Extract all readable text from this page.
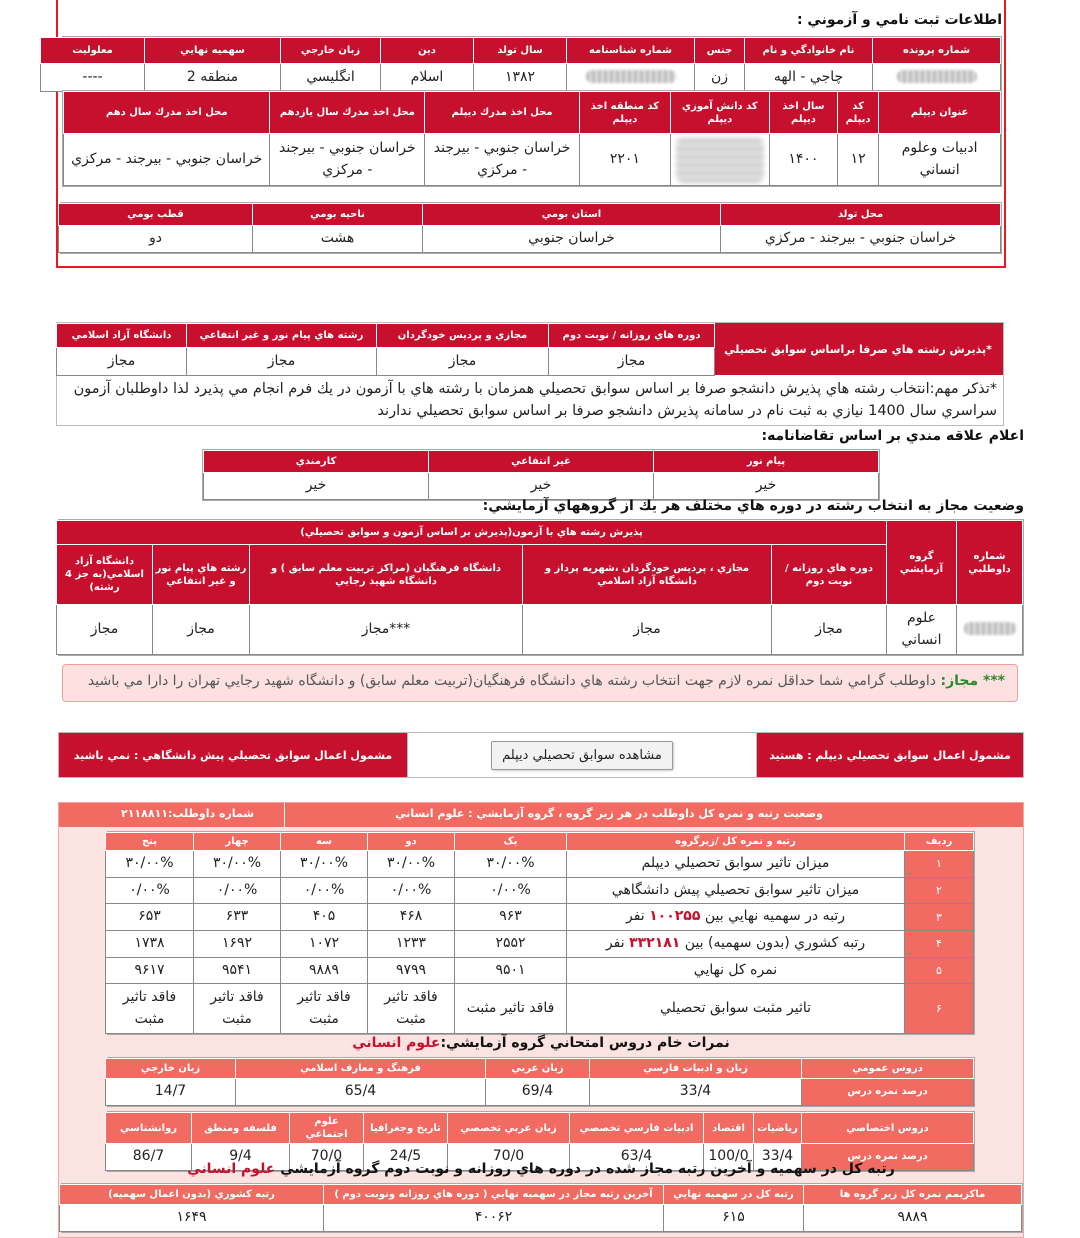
اطلاعات ثبت نامي و آزموني :
شماره پرونده	نام خانوادگي و نام	جنس	شماره شناسنامه	سال تولد	دين	زبان خارجي	سهميه نهايي	معلوليت
	چاجي - الهه	زن		۱۳۸۲	اسلام	انگليسي	منطقه 2	----
عنوان ديپلم	كد ديپلم	سال اخذ ديپلم	كد دانش آموزي ديپلم	كد منطقه اخذ ديپلم	محل اخذ مدرك ديپلم	محل اخذ مدرك سال يازدهم	محل اخذ مدرك سال دهم
ادبيات وعلوم انساني	۱۲	۱۴۰۰		۲۲۰۱	خراسان جنوبي - بيرجند - مركزي	خراسان جنوبي - بيرجند - مركزي	خراسان جنوبي - بيرجند - مركزي
محل تولد	استان بومي	ناحيه بومي	قطب بومي
خراسان جنوبي - بيرجند - مركزي	خراسان جنوبي	هشت	دو
*پذيرش رشته هاي صرفا براساس سوابق تحصيلي
دوره هاي روزانه / نوبت دوم	مجازي و پرديس خودگردان	رشته هاي پيام نور و غير انتفاعي	دانشگاه آزاد اسلامي
مجاز	مجاز	مجاز	مجاز
*تذكر مهم:انتخاب رشته هاي پذيرش دانشجو صرفا بر اساس سوابق تحصيلي همزمان با رشته هاي با آزمون در يك فرم انجام مي پذيرد لذا داوطلبان آزمون سراسري سال 1400 نيازي به ثبت نام در سامانه پذيرش دانشجو صرفا بر اساس سوابق تحصيلي ندارند
اعلام علاقه مندي بر اساس تقاضانامه:
پيام نور	غير انتفاعي	كارمندي
خير	خير	خير
وضعيت مجاز به انتخاب رشته در دوره هاي مختلف هر يك از گروههاي آزمايشي:
شماره داوطلبي	گروه آزمايشي	پذيرش رشته هاي با آزمون(پذيرش بر اساس آزمون و سوابق تحصيلي)				
		دوره هاي روزانه / نوبت دوم	مجازي ، پرديس خودگردان ،شهريه پرداز و دانشگاه آزاد اسلامي	دانشگاه فرهنگيان (مراكز تربيت معلم سابق ) و دانشگاه شهيد رجايي	رشته هاي پيام نور و غير انتفاعي	دانشگاه آزاد اسلامي(به جز 4 رشته)
	علوم انساني	مجاز	مجاز	***مجاز	مجاز	مجاز
*** مجاز: داوطلب گرامي شما حداقل نمره لازم جهت انتخاب رشته هاي دانشگاه فرهنگيان(تربيت معلم سابق) و دانشگاه شهيد رجايي تهران را دارا مي باشيد
مشمول اعمال سوابق تحصيلي ديپلم : هستيد
مشاهده سوابق تحصيلي ديپلم
مشمول اعمال سوابق تحصيلي پيش دانشگاهي : نمي باشيد
وضعيت رتبه و نمره كل داوطلب در هر زير گروه ، گروه آزمايشي : علوم انساني
شماره داوطلب:۲۱۱۸۸۱۱
رديف	رتبه و نمره كل /زيرگروه	يک	دو	سه	چهار	پنج
۱	ميزان تاثير سوابق تحصيلي ديپلم	۳۰/۰۰%	۳۰/۰۰%	۳۰/۰۰%	۳۰/۰۰%	۳۰/۰۰%
۲	ميزان تاثير سوابق تحصيلي پيش دانشگاهي	۰/۰۰%	۰/۰۰%	۰/۰۰%	۰/۰۰%	۰/۰۰%
۳	رتبه در سهميه نهايي بين ۱۰۰۲۵۵ نفر	۹۶۳	۴۶۸	۴۰۵	۶۳۳	۶۵۳
۴	رتبه كشوري (بدون سهميه) بين ۳۳۲۱۸۱ نفر	۲۵۵۲	۱۲۳۳	۱۰۷۲	۱۶۹۲	۱۷۳۸
۵	نمره كل نهايي	۹۵۰۱	۹۷۹۹	۹۸۸۹	۹۵۴۱	۹۶۱۷
۶	تاثير مثبت سوابق تحصيلي	فاقد تاثير مثبت	فاقد تاثير مثبت	فاقد تاثير مثبت	فاقد تاثير مثبت	فاقد تاثير مثبت
نمرات خام دروس امتحاني گروه آزمايشي:علوم انساني
دروس عمومي	زبان و ادبيات فارسي	زبان عربي	فرهنگ و معارف اسلامي	زبان خارجي
درصد نمره درس	33/4	69/4	65/4	14/7
دروس اختصاصي	رياضيات	اقتصاد	ادبيات فارسي تخصصي	زبان عربي تخصصي	تاريخ وجغرافيا	علوم اجتماعي	فلسفه ومنطق	روانشناسي
درصد نمره درس	33/4	100/0	63/4	70/0	24/5	70/0	9/4	86/7
رتبه كل در سهميه و آخرين رتبه مجاز شده در دوره هاي روزانه و نوبت دوم گروه آزمايشي علوم انساني
ماكزيمم نمره كل زير گروه ها	رتبه كل در سهميه نهايي	آخرين رتبه مجاز در سهميه نهايي ( دوره هاي روزانه ونوبت دوم )	رتبه كشوري (بدون اعمال سهميه)
۹۸۸۹	۶۱۵	۴۰۰۶۲	۱۶۴۹
